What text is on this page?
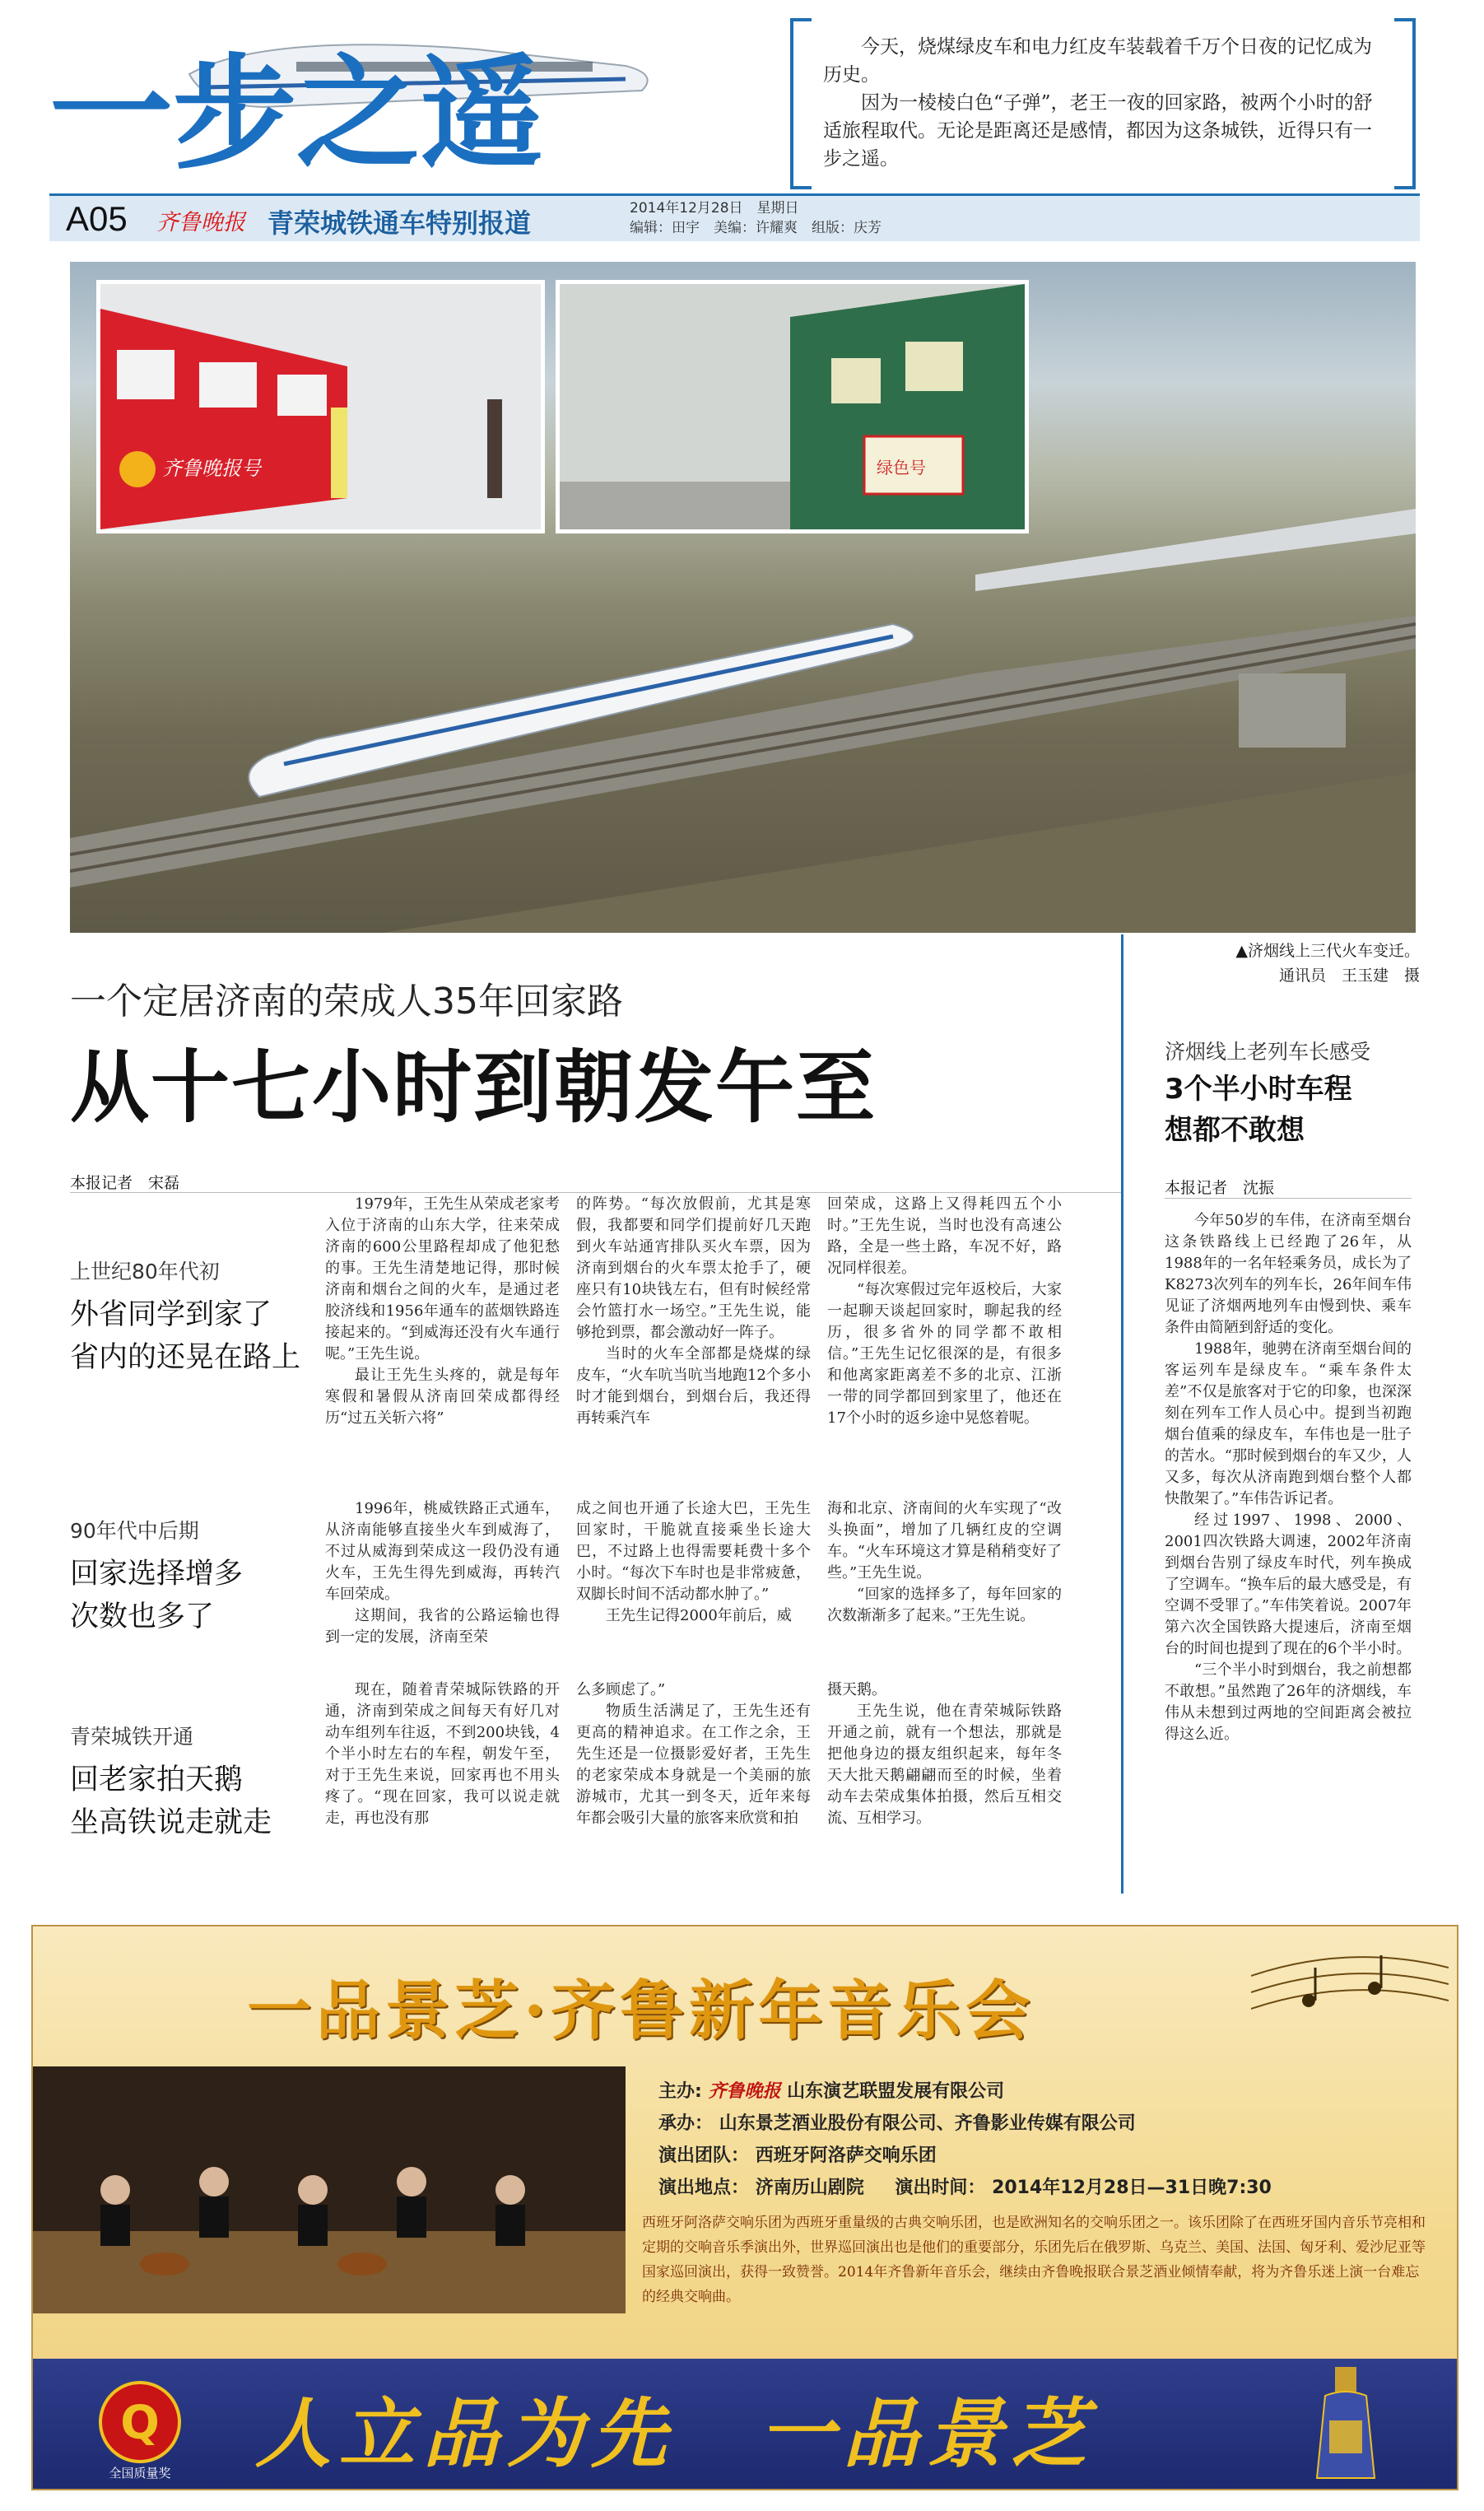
一步之遥	今天，烧煤绿皮车和电力红皮车装载着千万个日夜的记忆成为历史。

因为一棱棱白色“子弹”，老王一夜的回家路，被两个小时的舒适旅程取代。无论是距离还是感情，都因为这条城铁，近得只有一步之遥。

A05 齐鲁晚报 青荣城铁通车特别报道	2014年12月28日　星期日
编辑：田宇　美编：许耀爽　组版：庆芳
齐鲁晚报号	绿色号
▲济烟线上三代火车变迁。
通讯员　王玉建　摄
一个定居济南的荣成人35年回家路
从十七小时到朝发午至
本报记者　宋磊
上世纪80年代初
外省同学到家了
省内的还晃在路上
90年代中后期
回家选择增多
次数也多了
青荣城铁开通
回老家拍天鹅
坐高铁说走就走

1979年，王先生从荣成老家考入位于济南的山东大学，往来荣成济南的600公里路程却成了他犯愁的事。王先生清楚地记得，那时候济南和烟台之间的火车，是通过老胶济线和1956年通车的蓝烟铁路连接起来的。“到威海还没有火车通行呢。”王先生说。

最让王先生头疼的，就是每年寒假和暑假从济南回荣成都得经历“过五关斩六将”

的阵势。“每次放假前，尤其是寒假，我都要和同学们提前好几天跑到火车站通宵排队买火车票，因为济南到烟台的火车票太抢手了，硬座只有10块钱左右，但有时候经常会竹篮打水一场空。”王先生说，能够抢到票，都会激动好一阵子。

当时的火车全部都是烧煤的绿皮车，“火车吭当吭当地跑12个多小时才能到烟台，到烟台后，我还得再转乘汽车

回荣成，这路上又得耗四五个小时。”王先生说，当时也没有高速公路，全是一些土路，车况不好，路况同样很差。

“每次寒假过完年返校后，大家一起聊天谈起回家时，聊起我的经历，很多省外的同学都不敢相信。”王先生记忆很深的是，有很多和他离家距离差不多的北京、江浙一带的同学都回到家里了，他还在17个小时的返乡途中晃悠着呢。

1996年，桃威铁路正式通车，从济南能够直接坐火车到威海了，不过从威海到荣成这一段仍没有通火车，王先生得先到威海，再转汽车回荣成。

这期间，我省的公路运输也得到一定的发展，济南至荣

成之间也开通了长途大巴，王先生回家时，干脆就直接乘坐长途大巴，不过路上也得需要耗费十多个小时。“每次下车时也是非常疲惫，双脚长时间不活动都水肿了。”

王先生记得2000年前后，威

海和北京、济南间的火车实现了“改头换面”，增加了几辆红皮的空调车。“火车环境这才算是稍稍变好了些。”王先生说。

“回家的选择多了，每年回家的次数渐渐多了起来。”王先生说。

现在，随着青荣城际铁路的开通，济南到荣成之间每天有好几对动车组列车往返，不到200块钱，4个半小时左右的车程，朝发午至，对于王先生来说，回家再也不用头疼了。“现在回家，我可以说走就走，再也没有那

么多顾虑了。”

物质生活满足了，王先生还有更高的精神追求。在工作之余，王先生还是一位摄影爱好者，王先生的老家荣成本身就是一个美丽的旅游城市，尤其一到冬天，近年来每年都会吸引大量的旅客来欣赏和拍

摄天鹅。

王先生说，他在青荣城际铁路开通之前，就有一个想法，那就是把他身边的摄友组织起来，每年冬天大批天鹅翩翩而至的时候，坐着动车去荣成集体拍摄，然后互相交流、互相学习。

济烟线上老列车长感受
3个半小时车程
想都不敢想
本报记者　沈振

今年50岁的车伟，在济南至烟台这条铁路线上已经跑了26年，从1988年的一名年轻乘务员，成长为了K8273次列车的列车长，26年间车伟见证了济烟两地列车由慢到快、乘车条件由简陋到舒适的变化。

1988年，驰骋在济南至烟台间的客运列车是绿皮车。“乘车条件太差”不仅是旅客对于它的印象，也深深刻在列车工作人员心中。提到当初跑烟台值乘的绿皮车，车伟也是一肚子的苦水。“那时候到烟台的车又少，人又多，每次从济南跑到烟台整个人都快散架了。”车伟告诉记者。

经过1997、1998、2000、2001四次铁路大调速，2002年济南到烟台告别了绿皮车时代，列车换成了空调车。“换车后的最大感受是，有空调不受罪了。”车伟笑着说。2007年第六次全国铁路大提速后，济南至烟台的时间也提到了现在的6个半小时。

“三个半小时到烟台，我之前想都不敢想。”虽然跑了26年的济烟线，车伟从未想到过两地的空间距离会被拉得这么近。

一品景芝·齐鲁新年音乐会
主办: 齐鲁晚报 山东演艺联盟发展有限公司
承办： 山东景芝酒业股份有限公司、齐鲁影业传媒有限公司
演出团队： 西班牙阿洛萨交响乐团
演出地点： 济南历山剧院 演出时间： 2014年12月28日—31日晚7:30
西班牙阿洛萨交响乐团为西班牙重量级的古典交响乐团，也是欧洲知名的交响乐团之一。该乐团除了在西班牙国内音乐节亮相和定期的交响音乐季演出外，世界巡回演出也是他们的重要部分，乐团先后在俄罗斯、乌克兰、美国、法国、匈牙利、爱沙尼亚等国家巡回演出，获得一致赞誉。2014年齐鲁新年音乐会，继续由齐鲁晚报联合景芝酒业倾情奉献，将为齐鲁乐迷上演一台难忘的经典交响曲。
Q
全国质量奖	人立品为先　一品景芝
